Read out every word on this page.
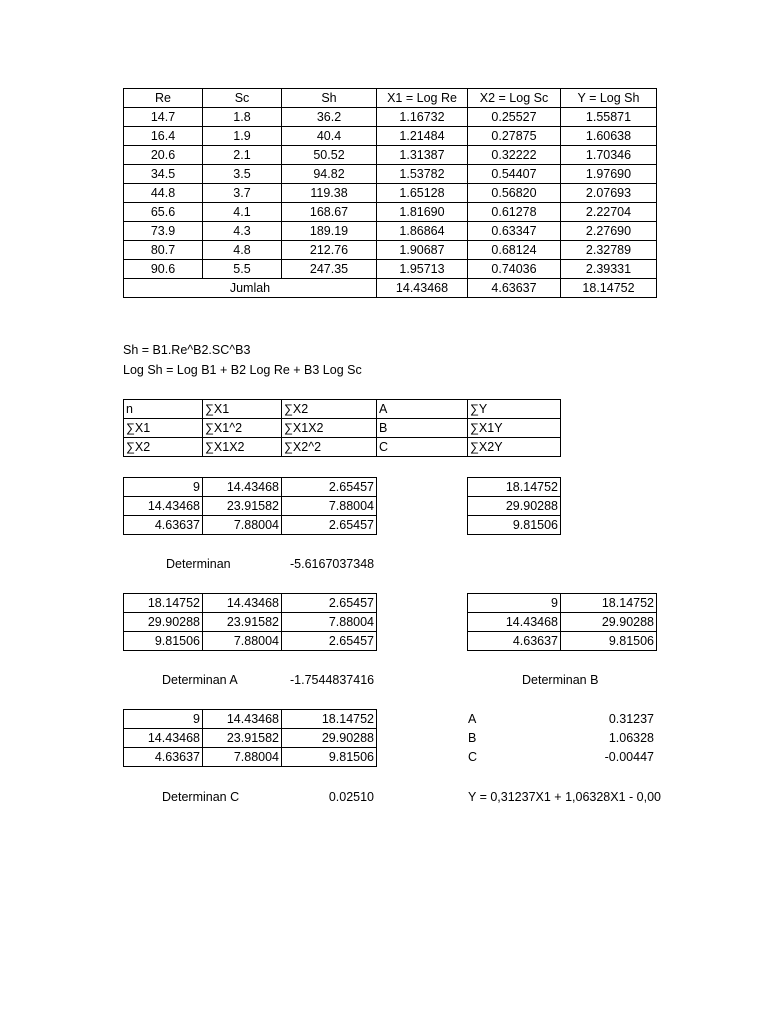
Re	Sc	Sh	X1 = Log Re	X2 = Log Sc	Y = Log Sh
14.7	1.8	36.2	1.16732	0.25527	1.55871
16.4	1.9	40.4	1.21484	0.27875	1.60638
20.6	2.1	50.52	1.31387	0.32222	1.70346
34.5	3.5	94.82	1.53782	0.54407	1.97690
44.8	3.7	119.38	1.65128	0.56820	2.07693
65.6	4.1	168.67	1.81690	0.61278	2.22704
73.9	4.3	189.19	1.86864	0.63347	2.27690
80.7	4.8	212.76	1.90687	0.68124	2.32789
90.6	5.5	247.35	1.95713	0.74036	2.39331
Jumlah			14.43468	4.63637	18.14752
Sh = B1.Re^B2.SC^B3
Log Sh = Log B1 + B2 Log Re + B3 Log Sc
n	∑X1	∑X2	A	∑Y
∑X1	∑X1^2	∑X1X2	B	∑X1Y
∑X2	∑X1X2	∑X2^2	C	∑X2Y
9	14.43468	2.65457
14.43468	23.91582	7.88004
4.63637	7.88004	2.65457
18.14752
29.90288
9.81506
Determinan	-5.6167037348
18.14752	14.43468	2.65457
29.90288	23.91582	7.88004
9.81506	7.88004	2.65457
9	18.14752
14.43468	29.90288
4.63637	9.81506
Determinan A	-1.7544837416	Determinan B
9	14.43468	18.14752
14.43468	23.91582	29.90288
4.63637	7.88004	9.81506
A	0.31237
B	1.06328
C	-0.00447
Determinan C	0.02510	Y = 0,31237X1 + 1,06328X1 - 0,00
